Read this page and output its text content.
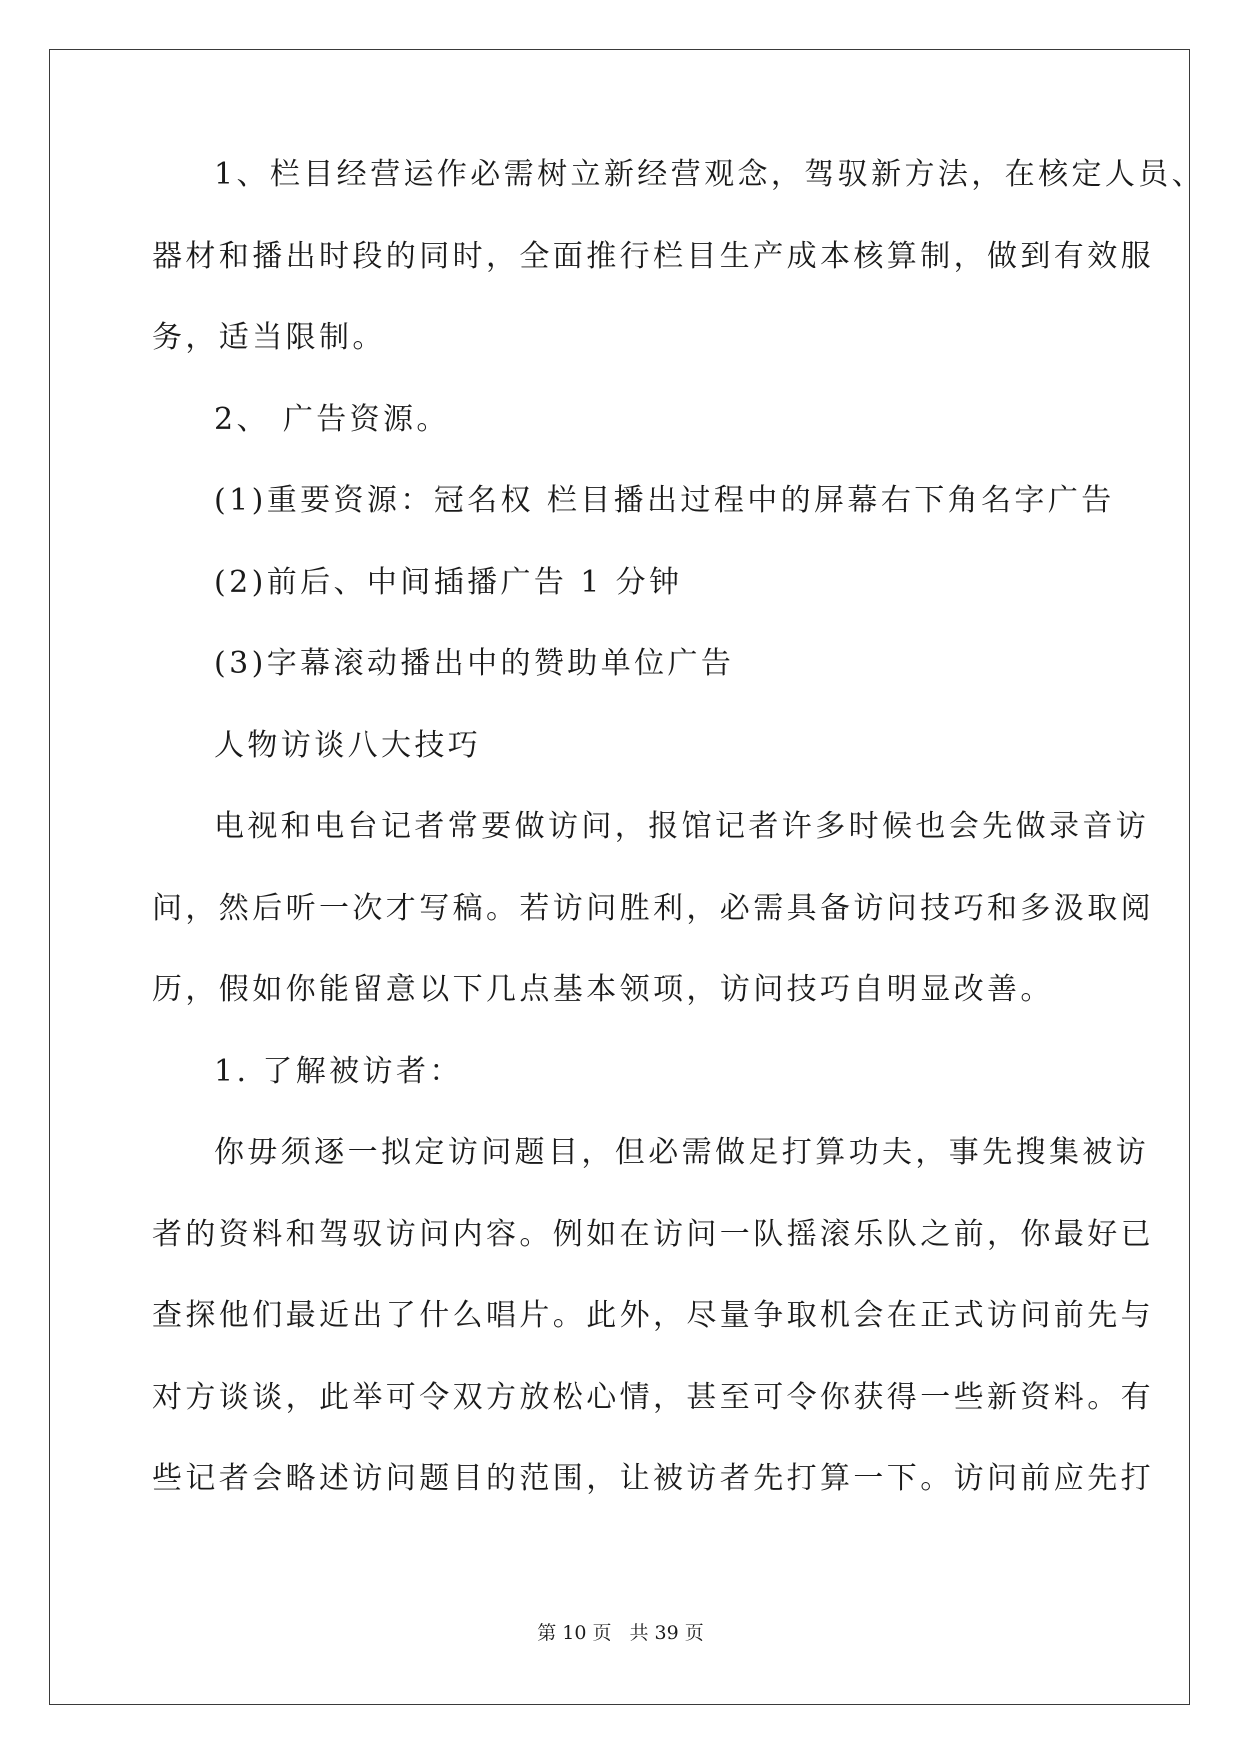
1、栏目经营运作必需树立新经营观念，驾驭新方法，在核定人员、
器材和播出时段的同时，全面推行栏目生产成本核算制，做到有效服
务，适当限制。
2、 广告资源。
(1)重要资源：冠名权 栏目播出过程中的屏幕右下角名字广告
(2)前后、中间插播广告 1 分钟
(3)字幕滚动播出中的赞助单位广告
人物访谈八大技巧
电视和电台记者常要做访问，报馆记者许多时候也会先做录音访
问，然后听一次才写稿。若访问胜利，必需具备访问技巧和多汲取阅
历，假如你能留意以下几点基本领项，访问技巧自明显改善。
1. 了解被访者：
你毋须逐一拟定访问题目，但必需做足打算功夫，事先搜集被访
者的资料和驾驭访问内容。例如在访问一队摇滚乐队之前，你最好已
查探他们最近出了什么唱片。此外，尽量争取机会在正式访问前先与
对方谈谈，此举可令双方放松心情，甚至可令你获得一些新资料。有
些记者会略述访问题目的范围，让被访者先打算一下。访问前应先打
第 10 页 共 39 页
